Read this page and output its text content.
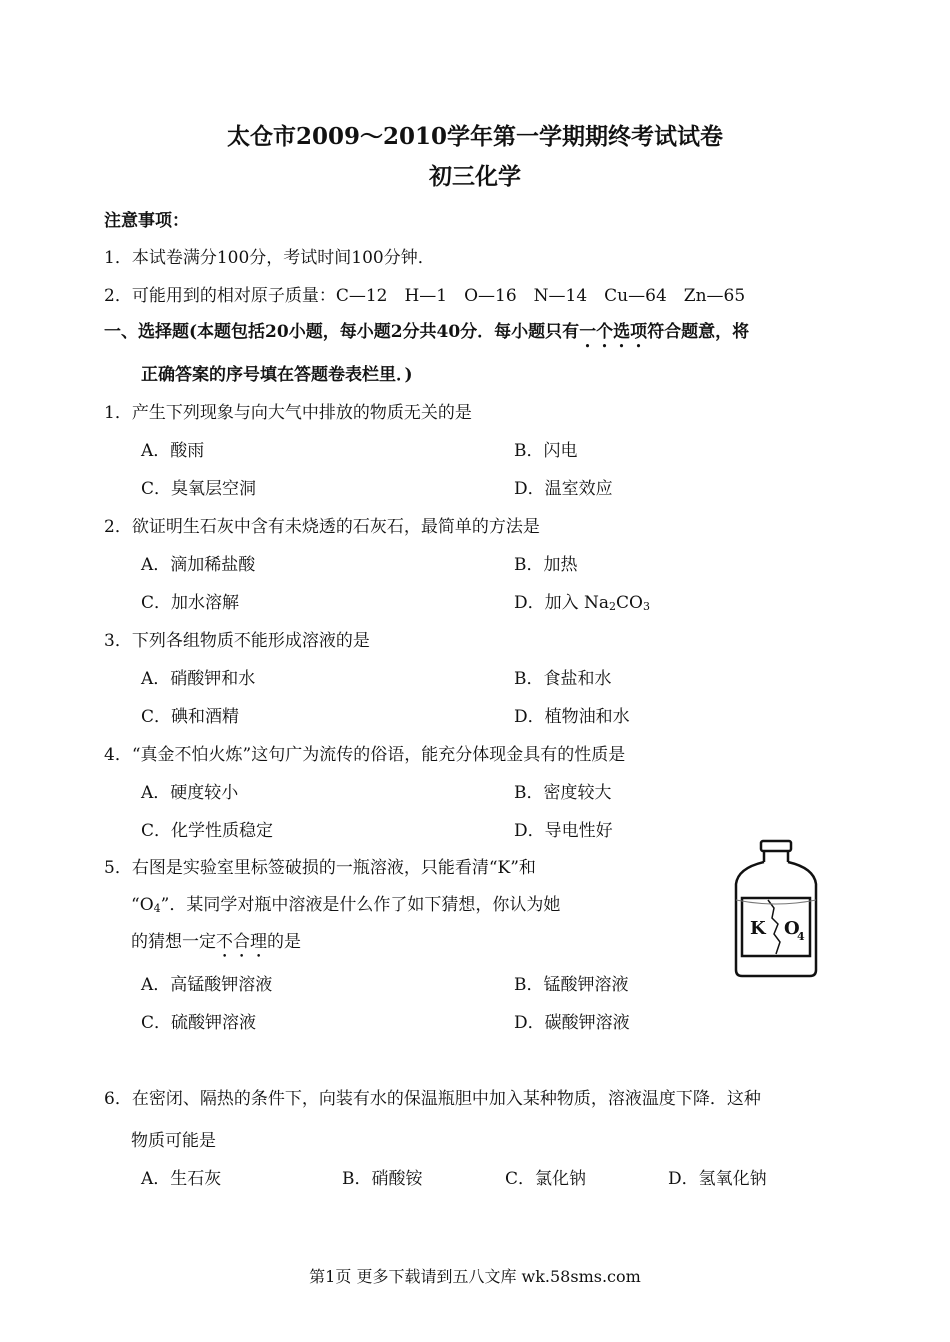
太仓市2009～2010学年第一学期期终考试试卷
初三化学
注意事项：
1．本试卷满分100分，考试时间100分钟．
2．可能用到的相对原子质量：C—12　H—1　O—16　N—14　Cu—64　Zn—65
一、选择题(本题包括20小题，每小题2分共40分．每小题只有一个选项符合题意，将
正确答案的序号填在答题卷表栏里．)
1．产生下列现象与向大气中排放的物质无关的是
A．酸雨	B．闪电
C．臭氧层空洞	D．温室效应
2．欲证明生石灰中含有未烧透的石灰石，最简单的方法是
A．滴加稀盐酸	B．加热
C．加水溶解	D．加入 $Na_2CO_3$
3．下列各组物质不能形成溶液的是
A．硝酸钾和水	B．食盐和水
C．碘和酒精	D．植物油和水
4．“真金不怕火炼”这句广为流传的俗语，能充分体现金具有的性质是
A．硬度较小	B．密度较大
C．化学性质稳定	D．导电性好
5．右图是实验室里标签破损的一瓶溶液，只能看清“K”和
“$O_4$”．某同学对瓶中溶液是什么作了如下猜想，你认为她
的猜想一定不合理的是
A．高锰酸钾溶液	B．锰酸钾溶液
C．硫酸钾溶液	D．碳酸钾溶液
K O
4
6．在密闭、隔热的条件下，向装有水的保温瓶胆中加入某种物质，溶液温度下降．这种
物质可能是
A．生石灰	B．硝酸铵	C．氯化钠	D．氢氧化钠
第1页 更多下载请到五八文库 wk.58sms.com
